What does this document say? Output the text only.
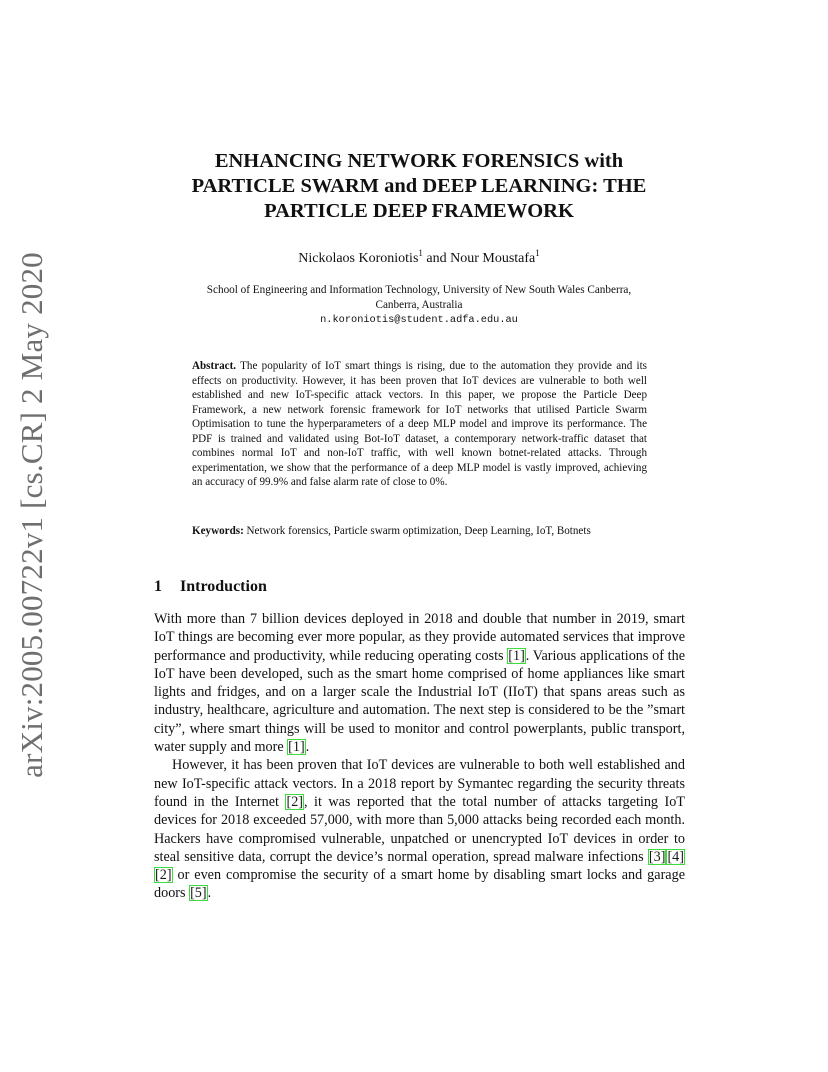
arXiv:2005.00722v1 [cs.CR] 2 May 2020
ENHANCING NETWORK FORENSICS with
PARTICLE SWARM and DEEP LEARNING: THE
PARTICLE DEEP FRAMEWORK
Nickolaos Koroniotis$^1$ and Nour Moustafa$^1$
School of Engineering and Information Technology, University of New South Wales Canberra,
Canberra, Australia
n.koroniotis@student.adfa.edu.au
Abstract. The popularity of IoT smart things is rising, due to the automation they provide and its effects on productivity. However, it has been proven that IoT devices are vulnerable to both well established and new IoT-specific attack vectors. In this paper, we propose the Particle Deep Framework, a new network forensic framework for IoT networks that utilised Particle Swarm Optimisation to tune the hyperparameters of a deep MLP model and improve its performance. The PDF is trained and validated using Bot-IoT dataset, a contemporary network-traffic dataset that combines normal IoT and non-IoT traffic, with well known botnet-related attacks. Through experimentation, we show that the performance of a deep MLP model is vastly improved, achieving an accuracy of 99.9% and false alarm rate of close to 0%.
Keywords: Network forensics, Particle swarm optimization, Deep Learning, IoT, Botnets
1 Introduction

With more than 7 billion devices deployed in 2018 and double that number in 2019, smart IoT things are becoming ever more popular, as they provide automated services that improve performance and productivity, while reducing operating costs [1]. Various applications of the IoT have been developed, such as the smart home comprised of home appliances like smart lights and fridges, and on a larger scale the Industrial IoT (IIoT) that spans areas such as industry, healthcare, agriculture and automation. The next step is considered to be the ”smart city”, where smart things will be used to monitor and control powerplants, public transport, water supply and more [1].

However, it has been proven that IoT devices are vulnerable to both well established and new IoT-specific attack vectors. In a 2018 report by Symantec regarding the security threats found in the Internet [2], it was reported that the total number of attacks targeting IoT devices for 2018 exceeded 57,000, with more than 5,000 attacks being recorded each month. Hackers have compromised vulnerable, unpatched or unencrypted IoT devices in order to steal sensitive data, corrupt the device’s normal operation, spread malware infections [3] [4][2] or even compromise the security of a smart home by disabling smart locks and garage doors [5].
